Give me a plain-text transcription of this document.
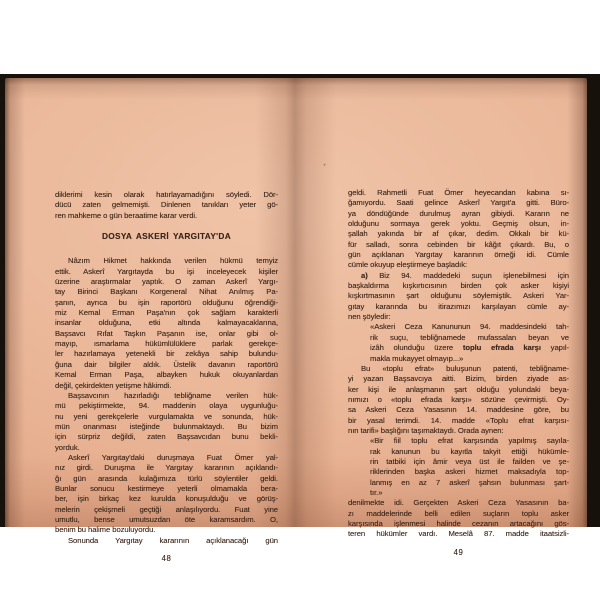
diklerimi kesin olarak hatırlayamadığını söyledi. Dör-
dücü zaten gelmemişti. Dinlenen tanıkları yeter gö-
ren mahkeme o gün beraatime karar verdi.
DOSYA ASKERİ YARGITAY'DA
Nâzım Hikmet hakkında verilen hükmü temyiz
ettik. Askerî Yargıtayda bu işi inceleyecek kişiler
üzerine araştırmalar yaptık. O zaman Askerî Yargı-
tay Birinci Başkanı Korgeneral Nihat Anılmış Pa-
şanın, ayrıca bu işin raportörü olduğunu öğrendiği-
miz Kemal Erman Paşa'nın çok sağlam karakterli
insanlar olduğuna, etki altında kalmayacaklarına,
Başsavcı Rıfat Taşkın Paşanın ise, onlar gibi ol-
mayıp, ısmarlama hükümlülüklere parlak gerekçe-
ler hazırlamaya yetenekli bir zekâya sahip bulundu-
ğuna dair bilgiler aldık. Üstelik davanın raportörü
Kemal Erman Paşa, albayken hukuk okuyanlardan
değil, çekirdekten yetişme hâkimdi.
Başsavcının hazırladığı tebliğname verilen hük-
mü pekiştirmekte, 94. maddenin olaya uygunluğu-
nu yeni gerekçelerle vurgulamakta ve sonunda, hük-
mün onanması isteğinde bulunmaktaydı. Bu bizim
için sürpriz değildi, zaten Başsavcıdan bunu bekli-
yorduk.
Askerî Yargıtay'daki duruşmaya Fuat Ömer yal-
nız girdi. Duruşma ile Yargıtay kararının açıklandı-
ğı gün arasında kulağımıza türlü söylentiler geldi.
Bunlar sonucu kestirmeye yeterli olmamakla bera-
ber, işin birkaç kez kurulda konuşulduğu ve görüş-
melerin çekişmeli geçtiği anlaşılıyordu. Fuat yine
umutlu, bense umutsuzdan öte karamsardım. O,
benim bu halime bozuluyordu.
Sonunda Yargıtay kararının açıklanacağı gün
48
geldi. Rahmetli Fuat Ömer heyecandan kabına sı-
ğamıyordu. Saati gelince Askerî Yargıt'a gitti. Büro-
ya döndüğünde durulmuş ayran gibiydi. Kararın ne
olduğunu sormaya gerek yoktu. Geçmiş olsun, in-
şallah yakında bir af çıkar, dedim. Okkalı bir kü-
für salladı, sonra cebinden bir kâğıt çıkardı. Bu, o
gün açıklanan Yargıtay kararının örneği idi. Cümle
cümle okuyup eleştirmeye başladık:
a) Biz 94. maddedeki suçun işlenebilmesi için
başkaldırma kışkırtıcısının birden çok asker kişiyi
kışkırtmasının şart olduğunu söylemiştik. Askeri Yar-
gıtay kararında bu itirazımızı karşılayan cümle ay-
nen şöyledir:
«Askeri Ceza Kanununun 94. maddesindeki tah-
rik suçu, tebliğnamede mufassalan beyan ve
izâh olunduğu üzere toplu efrada karşı yapıl-
makla mukayyet olmayıp...»
Bu «toplu efrat» buluşunun patenti, tebliğname-
yi yazan Başsavcıya aitti. Bizim, birden ziyade as-
ker kişi ile anlaşmanın şart olduğu yolundaki beya-
nımızı o «toplu efrada karşı» sözüne çevirmişti. Oy-
sa Askeri Ceza Yasasının 14. maddesine göre, bu
bir yasal terimdi. 14. madde «Toplu efrat karşısı-
nın tarifi» başlığını taşımaktaydı. Orada aynen:
«Bir fiil toplu efrat karşısında yapılmış sayıla-
rak kanunun bu kayıtla takyit ettiği hükümle-
rin tatbiki için âmir veya üst ile failden ve şe-
riklerinden başka askeri hizmet maksadıyla top-
lanmış en az 7 askerî şahsın bulunması şart-
tır.»
denilmekte idi. Gerçekten Askeri Ceza Yasasının ba-
zı maddelerinde belli edilen suçların toplu asker
karşısında işlenmesi halinde cezanın artacağını gös-
teren hükümler vardı. Meselâ 87. madde itaatsizli-
49
+
